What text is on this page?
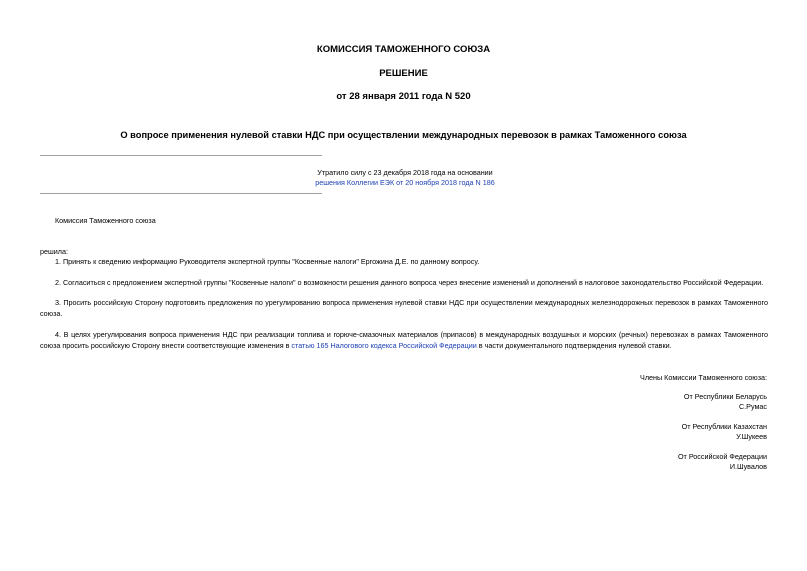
КОМИССИЯ ТАМОЖЕННОГО СОЮЗА
РЕШЕНИЕ
от 28 января 2011 года N 520
О вопросе применения нулевой ставки НДС при осуществлении международных перевозок в рамках Таможенного союза
Утратило силу с 23 декабря 2018 года на основании
решения Коллегии ЕЭК от 20 ноября 2018 года N 186
Комиссия Таможенного союза
решила:
1. Принять к сведению информацию Руководителя экспертной группы "Косвенные налоги" Ергожина Д.Е. по данному вопросу.
2. Согласиться с предложением экспертной группы "Косвенные налоги" о возможности решения данного вопроса через внесение изменений и дополнений в налоговое законодательство Российской Федерации.
3. Просить российскую Сторону подготовить предложения по урегулированию вопроса применения нулевой ставки НДС при осуществлении международных железнодорожных перевозок в рамках Таможенного союза.
4. В целях урегулирования вопроса применения НДС при реализации топлива и горюче-смазочных материалов (припасов) в международных воздушных и морских (речных) перевозках в рамках Таможенного союза просить российскую Сторону внести соответствующие изменения в статью 165 Налогового кодекса Российской Федерации в части документального подтверждения нулевой ставки.
Члены Комиссии Таможенного союза:
От Республики Беларусь
С.Румас
От Республики Казахстан
У.Шукеев
От Российской Федерации
И.Шувалов
